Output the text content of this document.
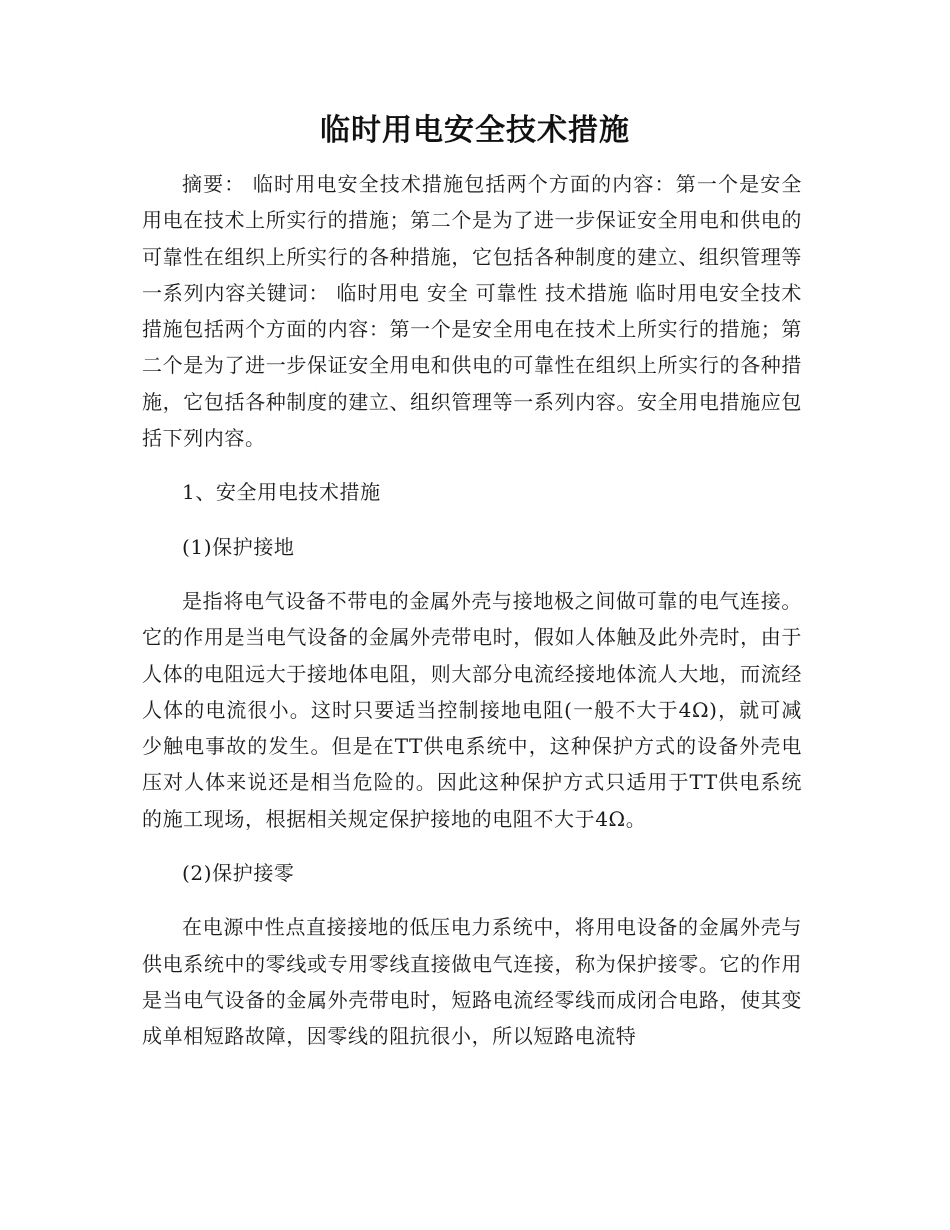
临时用电安全技术措施

摘要： 临时用电安全技术措施包括两个方面的内容：第一个是安全用电在技术上所实行的措施；第二个是为了进一步保证安全用电和供电的可靠性在组织上所实行的各种措施，它包括各种制度的建立、组织管理等一系列内容关键词： 临时用电 安全 可靠性 技术措施 临时用电安全技术措施包括两个方面的内容：第一个是安全用电在技术上所实行的措施；第二个是为了进一步保证安全用电和供电的可靠性在组织上所实行的各种措施，它包括各种制度的建立、组织管理等一系列内容。安全用电措施应包括下列内容。

1、安全用电技术措施

(1)保护接地

是指将电气设备不带电的金属外壳与接地极之间做可靠的电气连接。它的作用是当电气设备的金属外壳带电时，假如人体触及此外壳时，由于人体的电阻远大于接地体电阻，则大部分电流经接地体流人大地，而流经人体的电流很小。这时只要适当控制接地电阻(一般不大于4Ω)，就可减少触电事故的发生。但是在TT供电系统中，这种保护方式的设备外壳电压对人体来说还是相当危险的。因此这种保护方式只适用于TT供电系统的施工现场，根据相关规定保护接地的电阻不大于4Ω。

(2)保护接零

在电源中性点直接接地的低压电力系统中，将用电设备的金属外壳与供电系统中的零线或专用零线直接做电气连接，称为保护接零。它的作用是当电气设备的金属外壳带电时，短路电流经零线而成闭合电路，使其变成单相短路故障，因零线的阻抗很小，所以短路电流特
